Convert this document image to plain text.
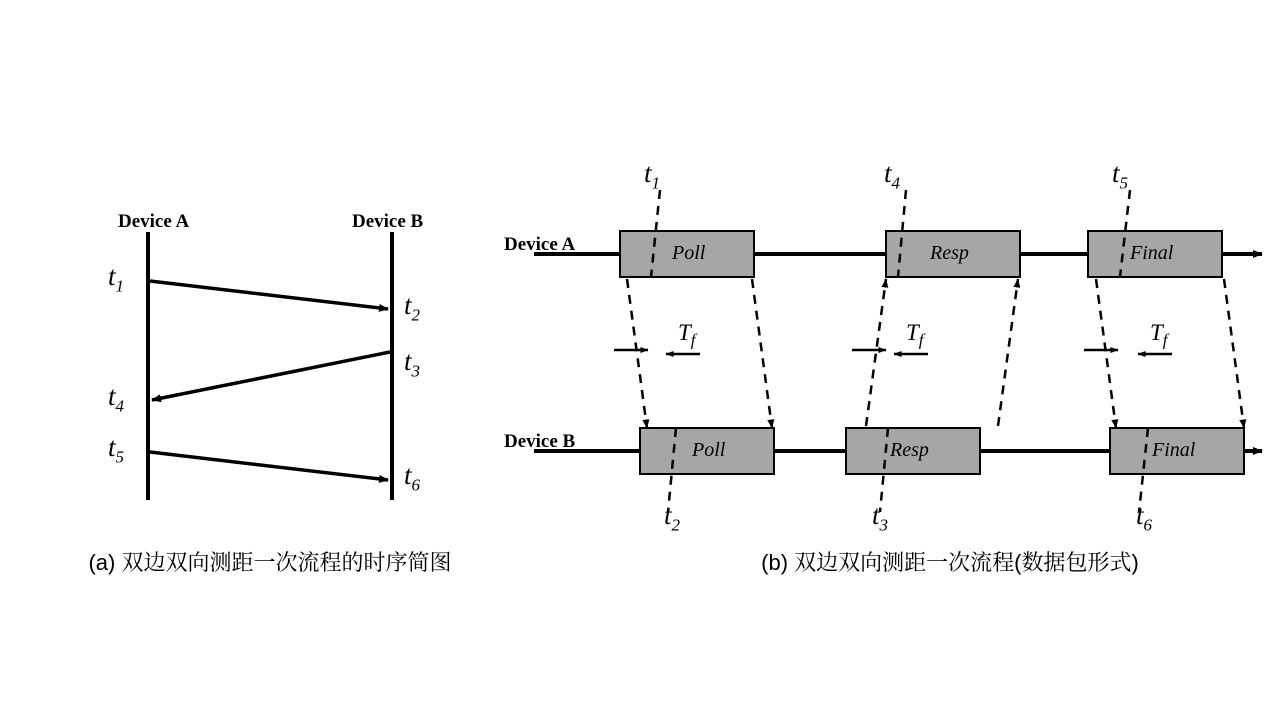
Device A	Device B
$t_1$
$t_4$
$t_5$
$t_2$
$t_3$
$t_6$
(a) 双边双向测距一次流程的时序简图
Device A
Device B
Poll	Resp	Final
Poll	Resp	Final
$t_1$	$t_4$	$t_5$
$t_2$	$t_3$	$t_6$
$T_f$	$T_f$	$T_f$
(b) 双边双向测距一次流程(数据包形式)
